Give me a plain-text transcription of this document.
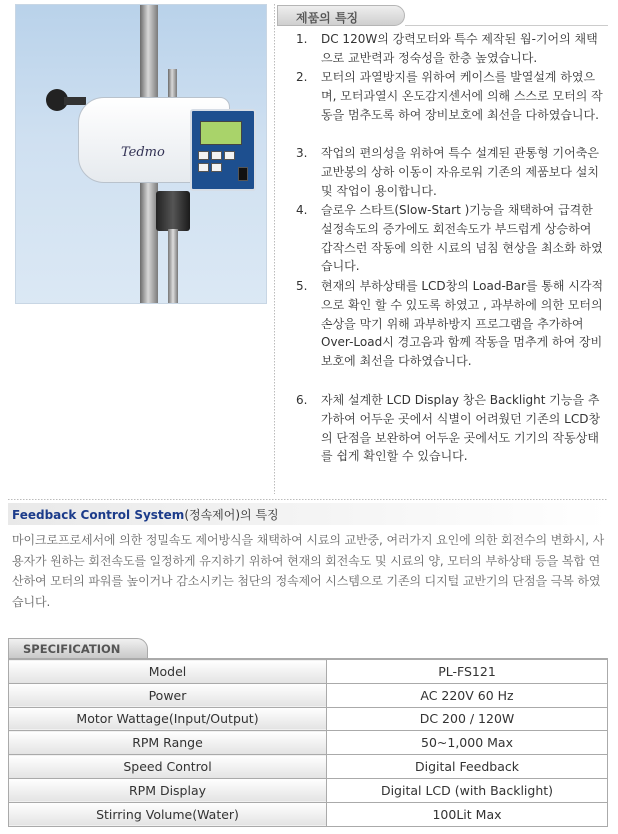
Tedmo
제품의 특징
1.	DC 120W의 강력모터와 특수 제작된 웜-기어의 채택으로 교반력과 정숙성을 한층 높였습니다.
2.	모터의 과열방지를 위하여 케이스를 발열설계 하였으며, 모터과열시 온도감지센서에 의해 스스로 모터의 작동을 멈추도록 하여 장비보호에 최선을 다하였습니다.
3.	작업의 편의성을 위하여 특수 설계된 관통형 기어축은 교반봉의 상하 이동이 자유로워 기존의 제품보다 설치 및 작업이 용이합니다.
4.	슬로우 스타트(Slow-Start )기능을 채택하여 급격한 설정속도의 증가에도 회전속도가 부드럽게 상승하여 갑작스런 작동에 의한 시료의 넘침 현상을 최소화 하였습니다.
5.	현재의 부하상태를 LCD창의 Load-Bar를 통해 시각적으로 확인 할 수 있도록 하였고 , 과부하에 의한 모터의 손상을 막기 위해 과부하방지 프로그램을 추가하여 Over-Load시 경고음과 함께 작동을 멈추게 하여 장비보호에 최선을 다하였습니다.
6.	자체 설계한 LCD Display 창은 Backlight 기능을 추가하여 어두운 곳에서 식별이 어려웠던 기존의 LCD창의 단점을 보완하여 어두운 곳에서도 기기의 작동상태를 쉽게 확인할 수 있습니다.
Feedback Control System(정속제어)의 특징
마이크로프로세서에 의한 정밀속도 제어방식을 채택하여 시료의 교반중, 여러가지 요인에 의한 회전수의 변화시, 사용자가 원하는 회전속도를 일정하게 유지하기 위하여 현재의 회전속도 및 시료의 양, 모터의 부하상태 등을 복합 연산하여 모터의 파워를 높이거나 감소시키는 첨단의 정속제어 시스템으로 기존의 디지털 교반기의 단점을 극복 하였습니다.
SPECIFICATION
Model	PL-FS121
Power	AC 220V 60 Hz
Motor Wattage(Input/Output)	DC 200 / 120W
RPM Range	50~1,000 Max
Speed Control	Digital Feedback
RPM Display	Digital LCD (with Backlight)
Stirring Volume(Water)	100Lit Max
